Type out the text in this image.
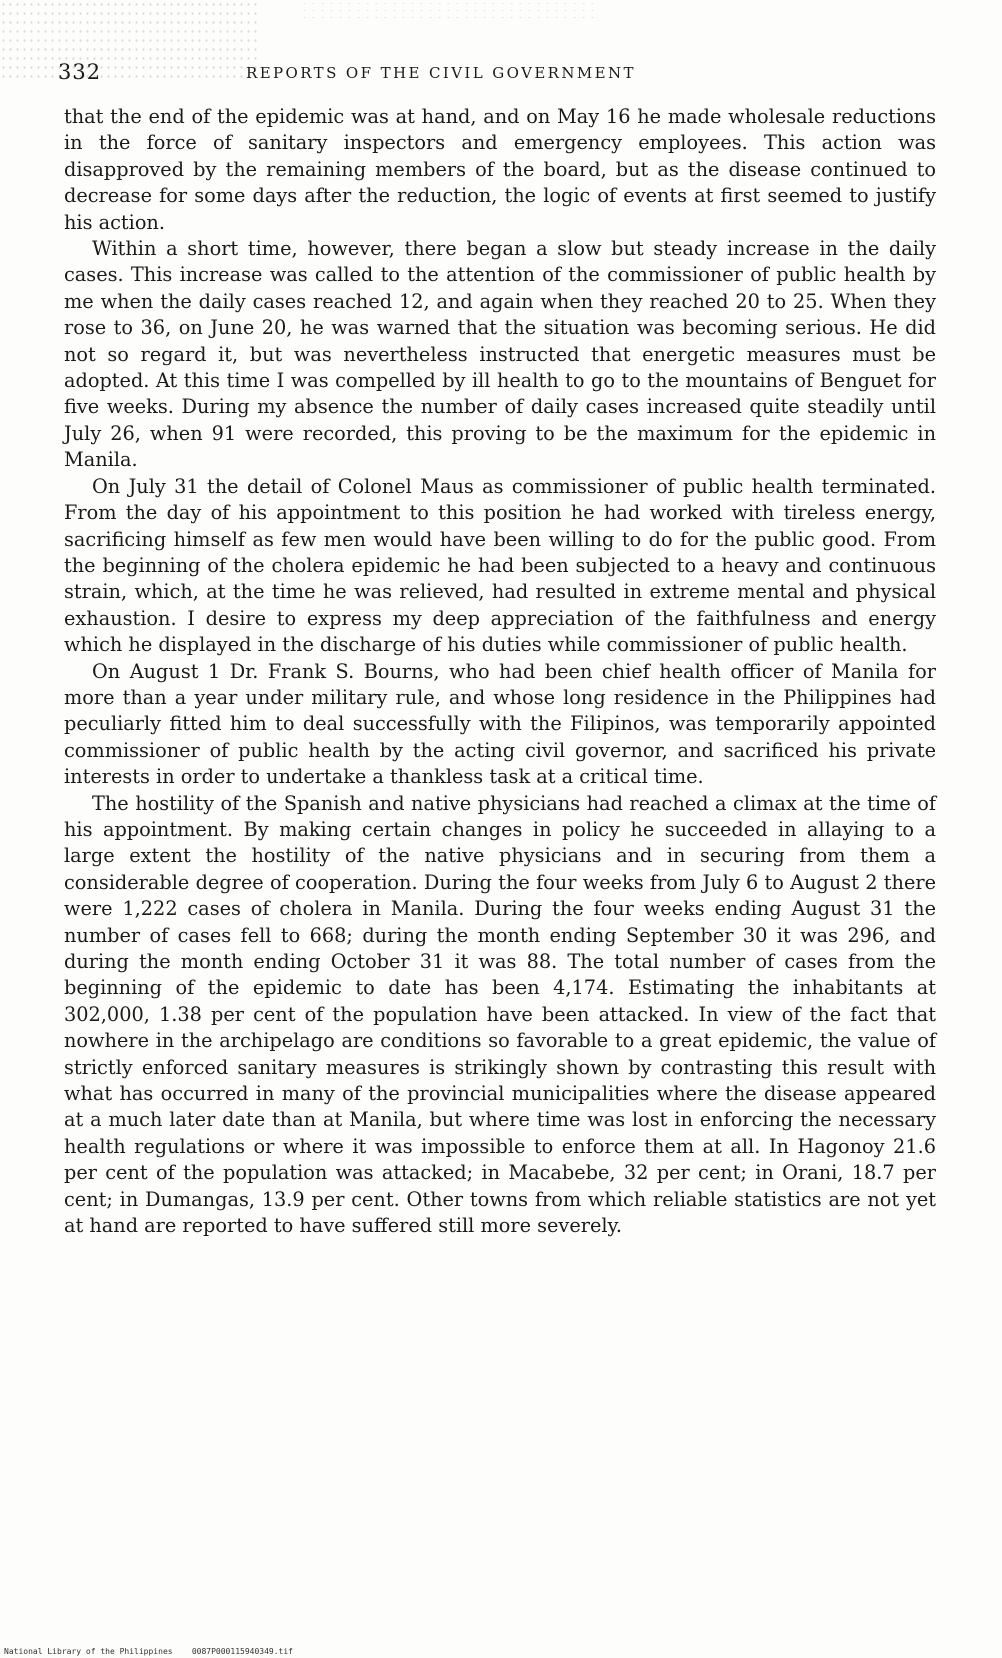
332	REPORTS OF THE CIVIL GOVERNMENT

that the end of the epidemic was at hand, and on May 16 he made wholesale reductions in the force of sanitary inspectors and emergency employees. This action was disapproved by the remaining members of the board, but as the disease continued to decrease for some days after the reduction, the logic of events at first seemed to justify his action.

Within a short time, however, there began a slow but steady increase in the daily cases. This increase was called to the attention of the commissioner of public health by me when the daily cases reached 12, and again when they reached 20 to 25. When they rose to 36, on June 20, he was warned that the situation was becoming serious. He did not so regard it, but was nevertheless instructed that energetic measures must be adopted. At this time I was compelled by ill health to go to the mountains of Benguet for five weeks. During my absence the number of daily cases increased quite steadily until July 26, when 91 were recorded, this proving to be the maximum for the epidemic in Manila.

On July 31 the detail of Colonel Maus as commissioner of public health terminated. From the day of his appointment to this position he had worked with tireless energy, sacrificing himself as few men would have been willing to do for the public good. From the beginning of the cholera epidemic he had been subjected to a heavy and continuous strain, which, at the time he was relieved, had resulted in extreme mental and physical exhaustion. I desire to express my deep appreciation of the faithfulness and energy which he displayed in the discharge of his duties while commissioner of public health.

On August 1 Dr. Frank S. Bourns, who had been chief health officer of Manila for more than a year under military rule, and whose long residence in the Philippines had peculiarly fitted him to deal successfully with the Filipinos, was temporarily appointed commissioner of public health by the acting civil governor, and sacrificed his private interests in order to undertake a thankless task at a critical time.

The hostility of the Spanish and native physicians had reached a climax at the time of his appointment. By making certain changes in policy he succeeded in allaying to a large extent the hostility of the native physicians and in securing from them a considerable degree of cooperation. During the four weeks from July 6 to August 2 there were 1,222 cases of cholera in Manila. During the four weeks ending August 31 the number of cases fell to 668; during the month ending September 30 it was 296, and during the month ending October 31 it was 88. The total number of cases from the beginning of the epidemic to date has been 4,174. Estimating the inhabitants at 302,000, 1.38 per cent of the population have been attacked. In view of the fact that nowhere in the archipelago are conditions so favorable to a great epidemic, the value of strictly enforced sanitary measures is strikingly shown by contrasting this result with what has occurred in many of the provincial municipalities where the disease appeared at a much later date than at Manila, but where time was lost in enforcing the necessary health regulations or where it was impossible to enforce them at all. In Hagonoy 21.6 per cent of the population was attacked; in Macabebe, 32 per cent; in Orani, 18.7 per cent; in Dumangas, 13.9 per cent. Other towns from which reliable statistics are not yet at hand are reported to have suffered still more severely.

National Library of the Philippines 0087P000115940349.tif
